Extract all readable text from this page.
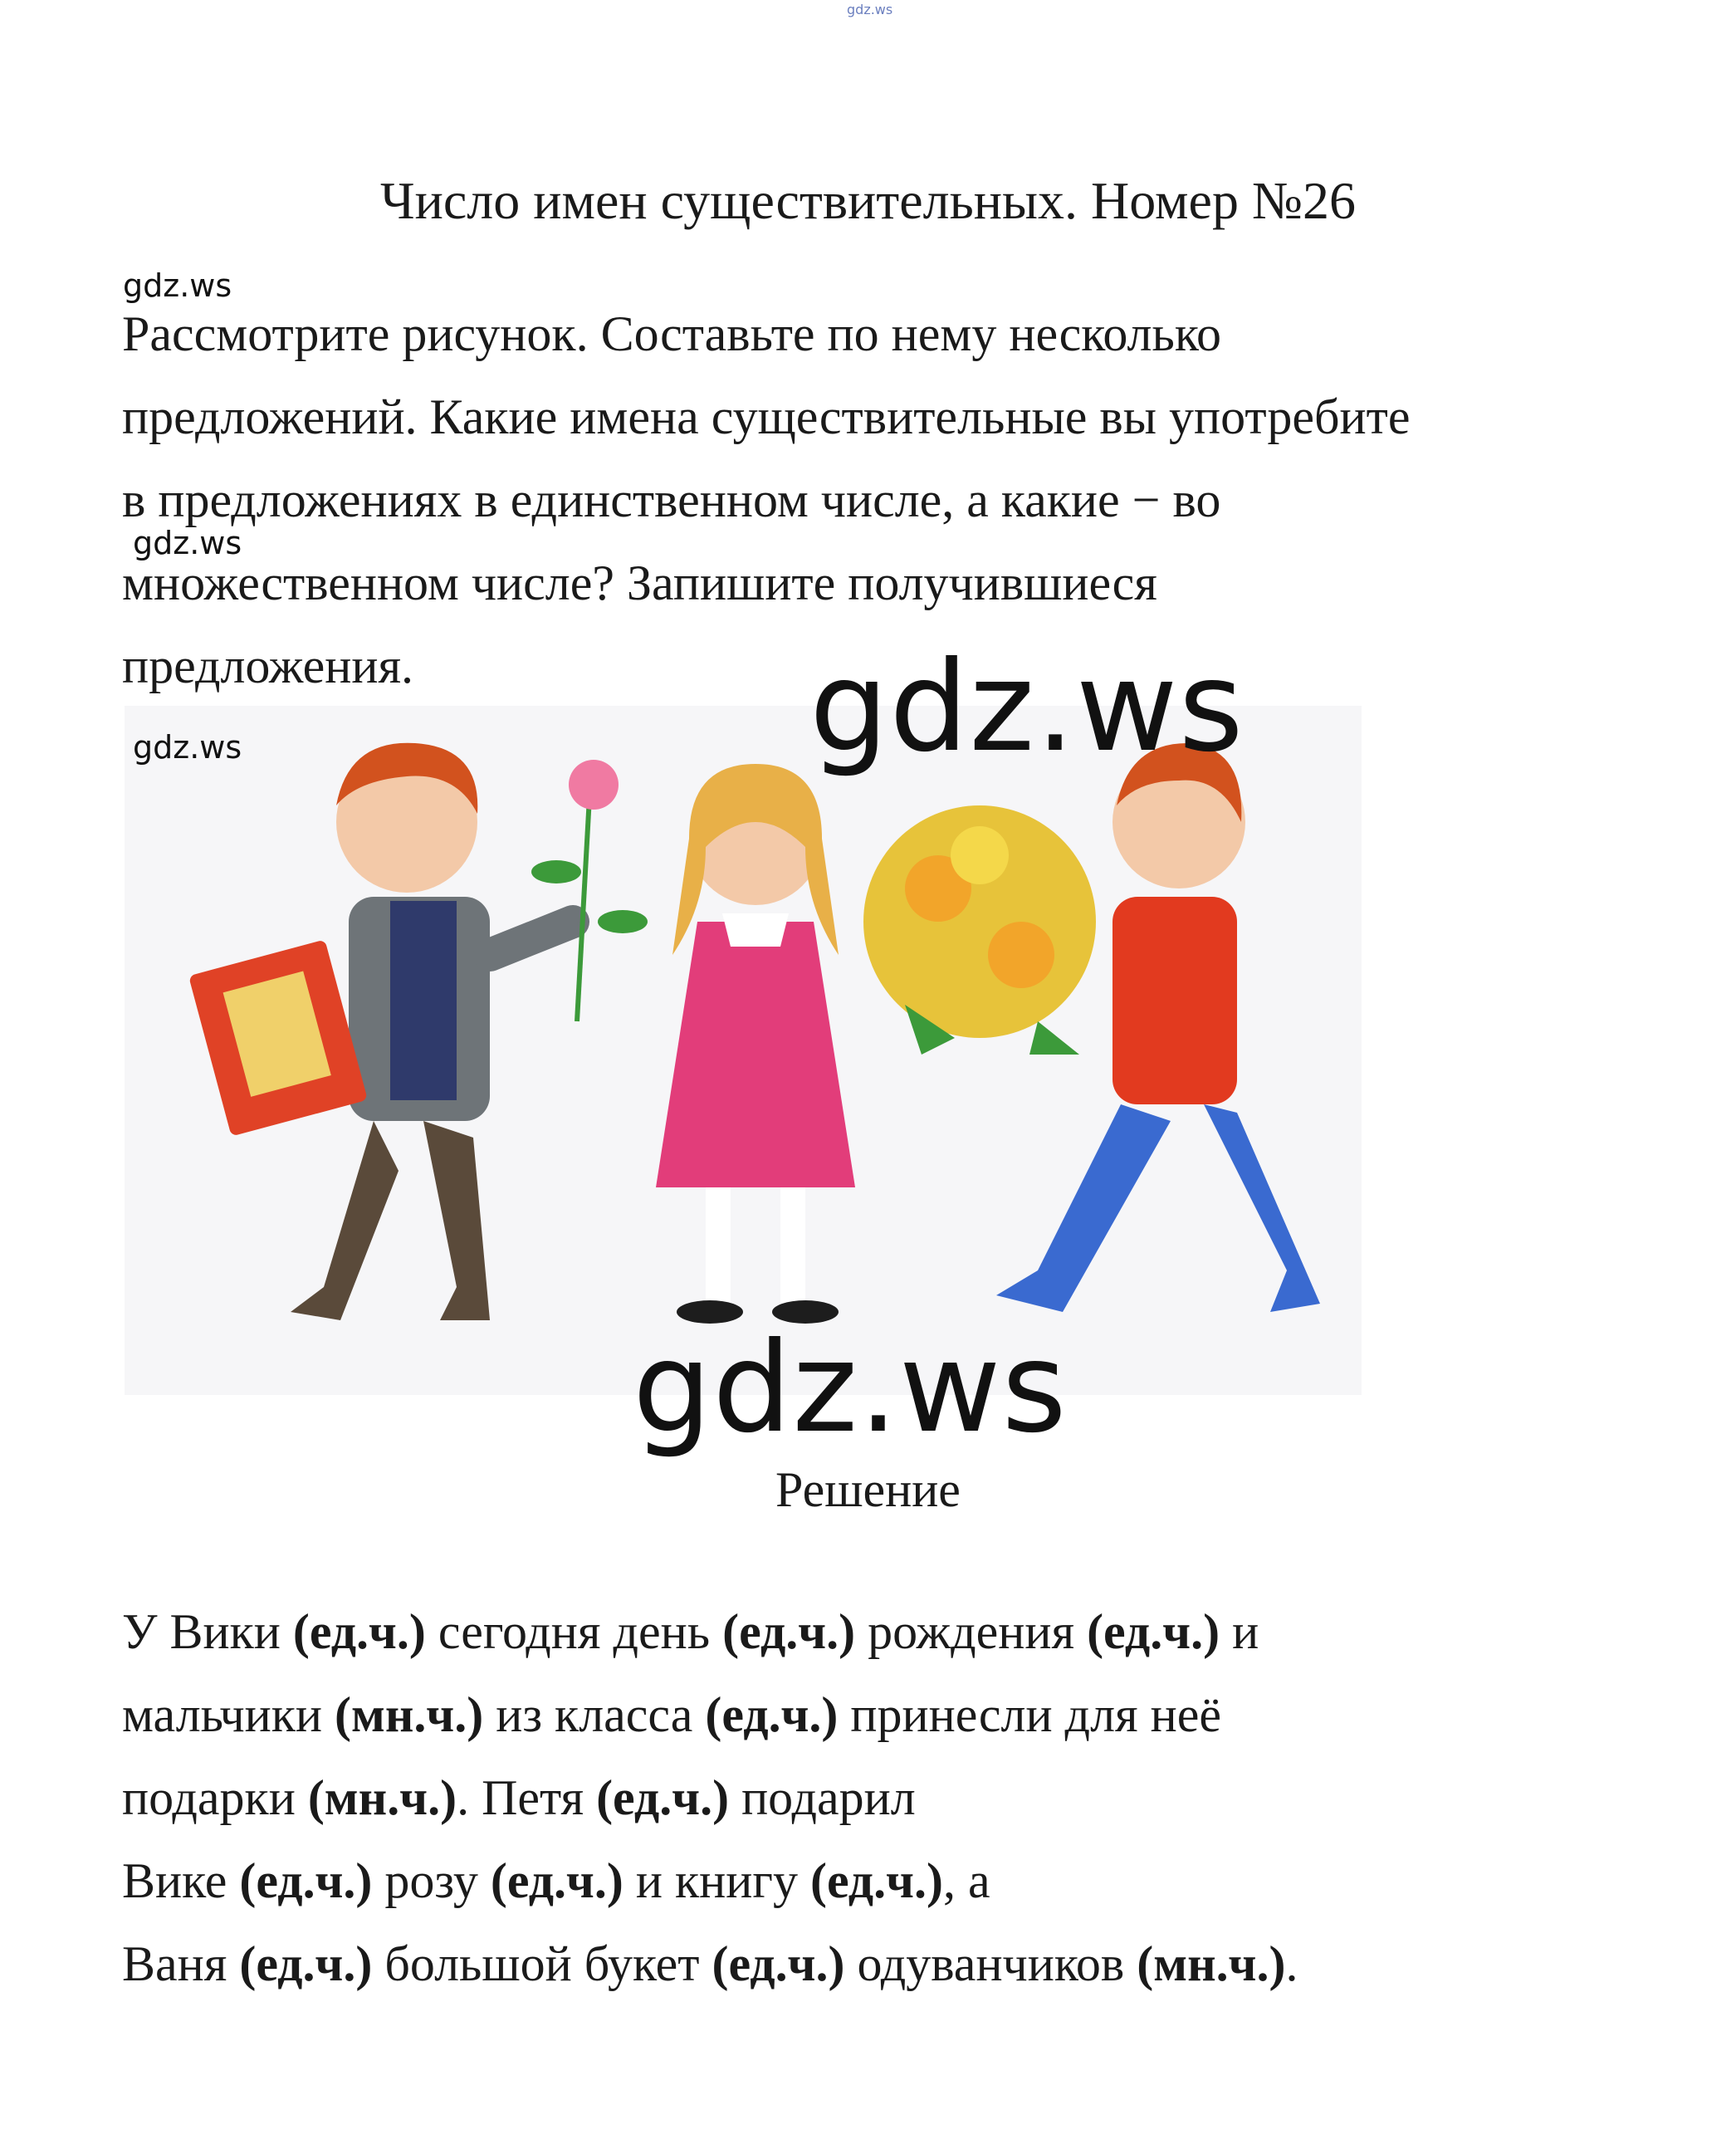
gdz.ws
Число имен существительных. Номер №26
gdz.ws
gdz.ws

Рассмотрите рисунок. Составьте по нему несколько

предложений. Какие имена существительные вы употребите

в предложениях в единственном числе, а какие − во

множественном числе? Запишите получившиеся

предложения.

gdz.ws	gdz.ws
gdz.ws
Решение

У Вики (ед.ч.) сегодня день (ед.ч.) рождения (ед.ч.) и

мальчики (мн.ч.) из класса (ед.ч.) принесли для неё

подарки (мн.ч.). Петя (ед.ч.) подарил

Вике (ед.ч.) розу (ед.ч.) и книгу (ед.ч.), а

Ваня (ед.ч.) большой букет (ед.ч.) одуванчиков (мн.ч.).
